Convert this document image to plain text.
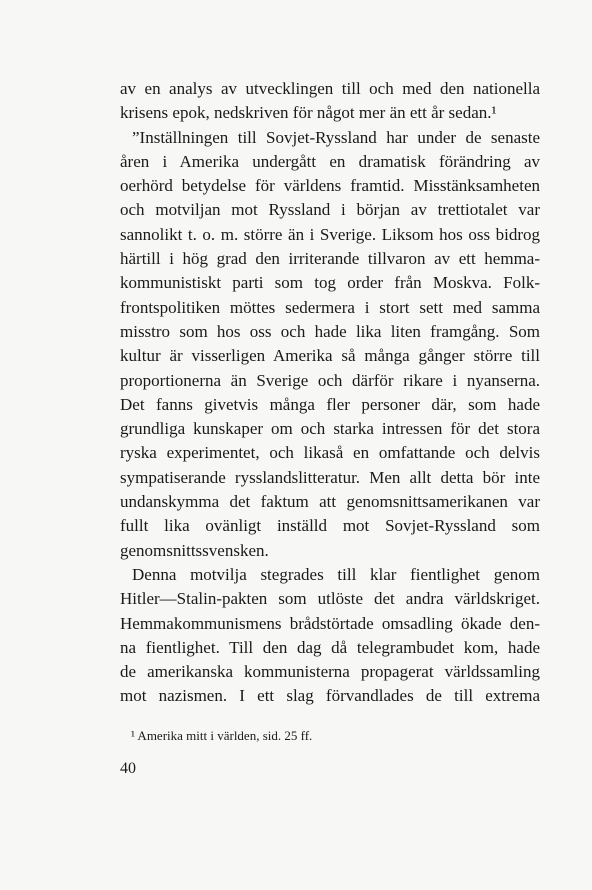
av en analys av utvecklingen till och med den nationella
krisens epok, nedskriven för något mer än ett år sedan.¹
”Inställningen till Sovjet-Ryssland har under de senaste
åren i Amerika undergått en dramatisk förändring av
oerhörd betydelse för världens framtid. Misstänksamheten
och motviljan mot Ryssland i början av trettiotalet var
sannolikt t. o. m. större än i Sverige. Liksom hos oss bidrog
härtill i hög grad den irriterande tillvaron av ett hemma-
kommunistiskt parti som tog order från Moskva. Folk-
frontspolitiken möttes sedermera i stort sett med samma
misstro som hos oss och hade lika liten framgång. Som
kultur är visserligen Amerika så många gånger större till
proportionerna än Sverige och därför rikare i nyanserna.
Det fanns givetvis många fler personer där, som hade
grundliga kunskaper om och starka intressen för det stora
ryska experimentet, och likaså en omfattande och delvis
sympatiserande rysslandslitteratur. Men allt detta bör inte
undanskymma det faktum att genomsnittsamerikanen var
fullt lika ovänligt inställd mot Sovjet-Ryssland som
genomsnittssvensken.
Denna motvilja stegrades till klar fientlighet genom
Hitler—Stalin-pakten som utlöste det andra världskriget.
Hemmakommunismens brådstörtade omsadling ökade den-
na fientlighet. Till den dag då telegrambudet kom, hade
de amerikanska kommunisterna propagerat världssamling
mot nazismen. I ett slag förvandlades de till extrema
¹ Amerika mitt i världen, sid. 25 ff.
40
